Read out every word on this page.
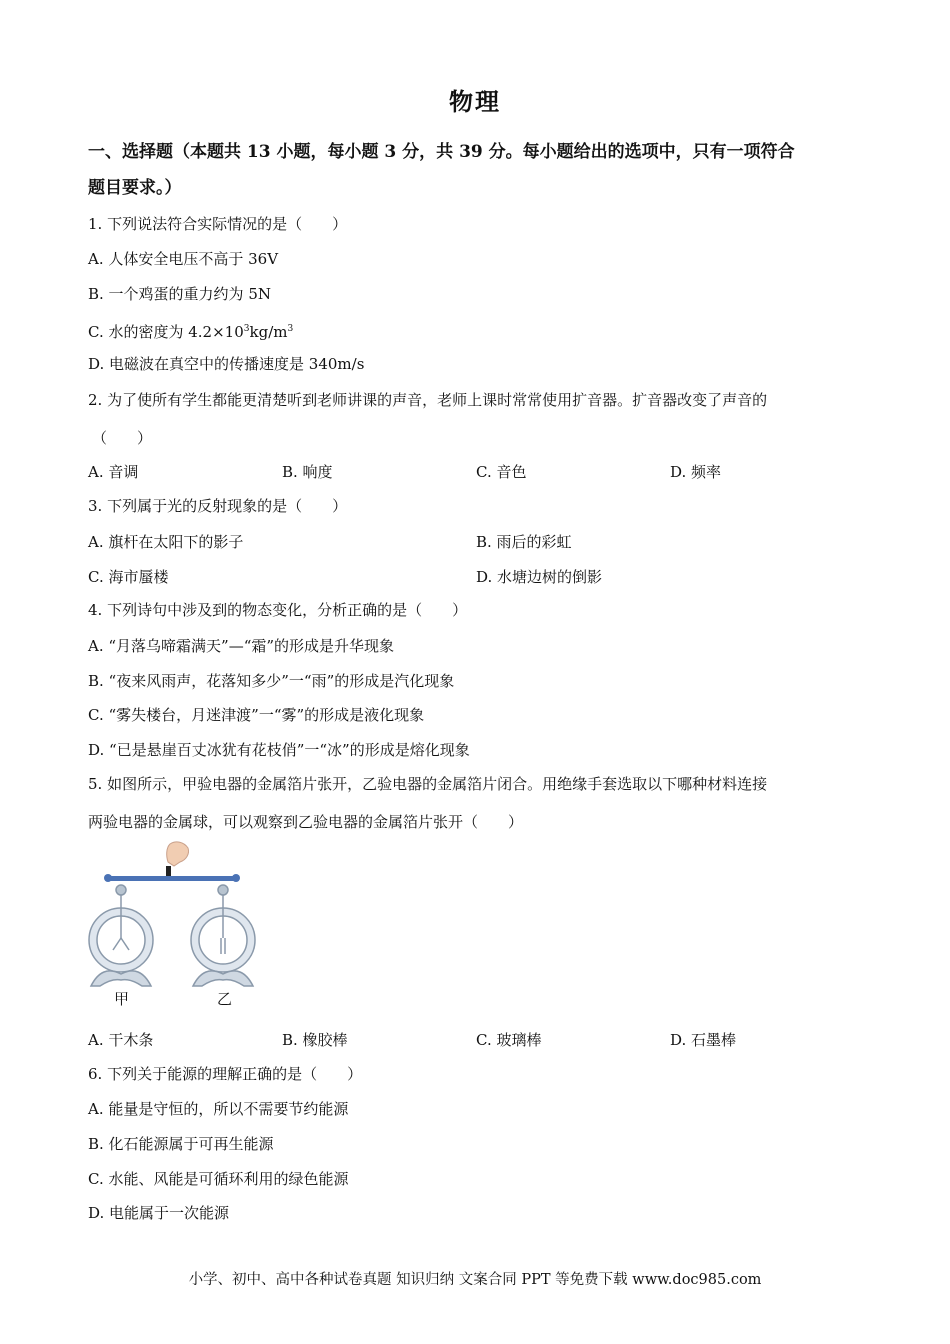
物理
一、选择题（本题共 13 小题，每小题 3 分，共 39 分。每小题给出的选项中，只有一项符合
题目要求。）
1. 下列说法符合实际情况的是（　　）
A. 人体安全电压不高于 36V
B. 一个鸡蛋的重力约为 5N
C. 水的密度为 $4.2\times 10^3kg/m^3$
D. 电磁波在真空中的传播速度是 340m/s
2. 为了使所有学生都能更清楚听到老师讲课的声音，老师上课时常常使用扩音器。扩音器改变了声音的
（　　）
A. 音调	B. 响度	C. 音色	D. 频率
3. 下列属于光的反射现象的是（　　）
A. 旗杆在太阳下的影子	B. 雨后的彩虹
C. 海市蜃楼	D. 水塘边树的倒影
4. 下列诗句中涉及到的物态变化，分析正确的是（　　）
A. “月落乌啼霜满天”—“霜”的形成是升华现象
B. “夜来风雨声，花落知多少”一“雨”的形成是汽化现象
C. “雾失楼台，月迷津渡”一“雾”的形成是液化现象
D. “已是悬崖百丈冰犹有花枝俏”一“冰”的形成是熔化现象
5. 如图所示，甲验电器的金属箔片张开，乙验电器的金属箔片闭合。用绝缘手套选取以下哪种材料连接
两验电器的金属球，可以观察到乙验电器的金属箔片张开（　　）
甲	乙
A. 干木条	B. 橡胶棒	C. 玻璃棒	D. 石墨棒
6. 下列关于能源的理解正确的是（　　）
A. 能量是守恒的，所以不需要节约能源
B. 化石能源属于可再生能源
C. 水能、风能是可循环利用的绿色能源
D. 电能属于一次能源
小学、初中、高中各种试卷真题 知识归纳 文案合同 PPT 等免费下载 www.doc985.com
